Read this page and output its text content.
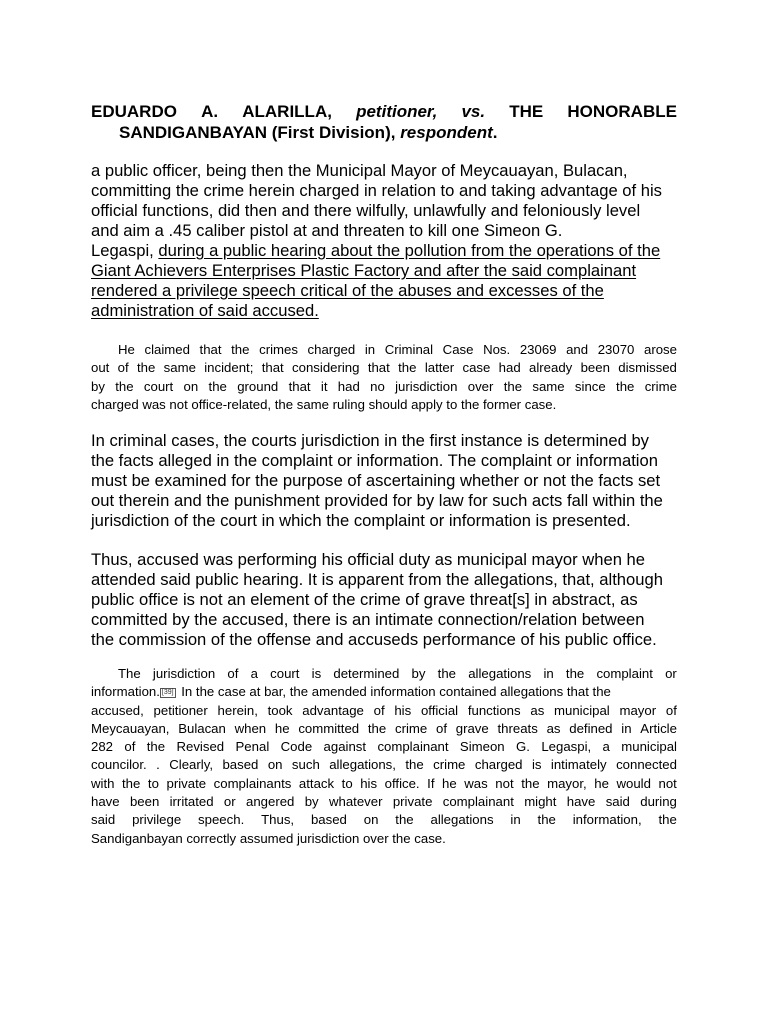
EDUARDO A. ALARILLA, petitioner, vs. THE HONORABLE
SANDIGANBAYAN (First Division), respondent.
a public officer, being then the Municipal Mayor of Meycauayan, Bulacan,
committing the crime herein charged in relation to and taking advantage of his
official functions, did then and there wilfully, unlawfully and feloniously level
and aim a .45 caliber pistol at and threaten to kill one Simeon G.
Legaspi, during a public hearing about the pollution from the operations of the
Giant Achievers Enterprises Plastic Factory and after the said complainant
rendered a privilege speech critical of the abuses and excesses of the
administration of said accused.
He claimed that the crimes charged in Criminal Case Nos. 23069 and 23070 arose
out of the same incident; that considering that the latter case had already been dismissed
by the court on the ground that it had no jurisdiction over the same since the crime
charged was not office-related, the same ruling should apply to the former case.
In criminal cases, the courts jurisdiction in the first instance is determined by
the facts alleged in the complaint or information. The complaint or information
must be examined for the purpose of ascertaining whether or not the facts set
out therein and the punishment provided for by law for such acts fall within the
jurisdiction of the court in which the complaint or information is presented.
Thus, accused was performing his official duty as municipal mayor when he
attended said public hearing. It is apparent from the allegations, that, although
public office is not an element of the crime of grave threat[s] in abstract, as
committed by the accused, there is an intimate connection/relation between
the commission of the offense and accuseds performance of his public office.
The jurisdiction of a court is determined by the allegations in the complaint or
information. [39] In the case at bar, the amended information contained allegations that the
accused, petitioner herein, took advantage of his official functions as municipal mayor of
Meycauayan, Bulacan when he committed the crime of grave threats as defined in Article
282 of the Revised Penal Code against complainant Simeon G. Legaspi, a municipal
councilor. . Clearly, based on such allegations, the crime charged is intimately connected
with the to private complainants attack to his office. If he was not the mayor, he would not
have been irritated or angered by whatever private complainant might have said during
said privilege speech. Thus, based on the allegations in the information, the
Sandiganbayan correctly assumed jurisdiction over the case.
